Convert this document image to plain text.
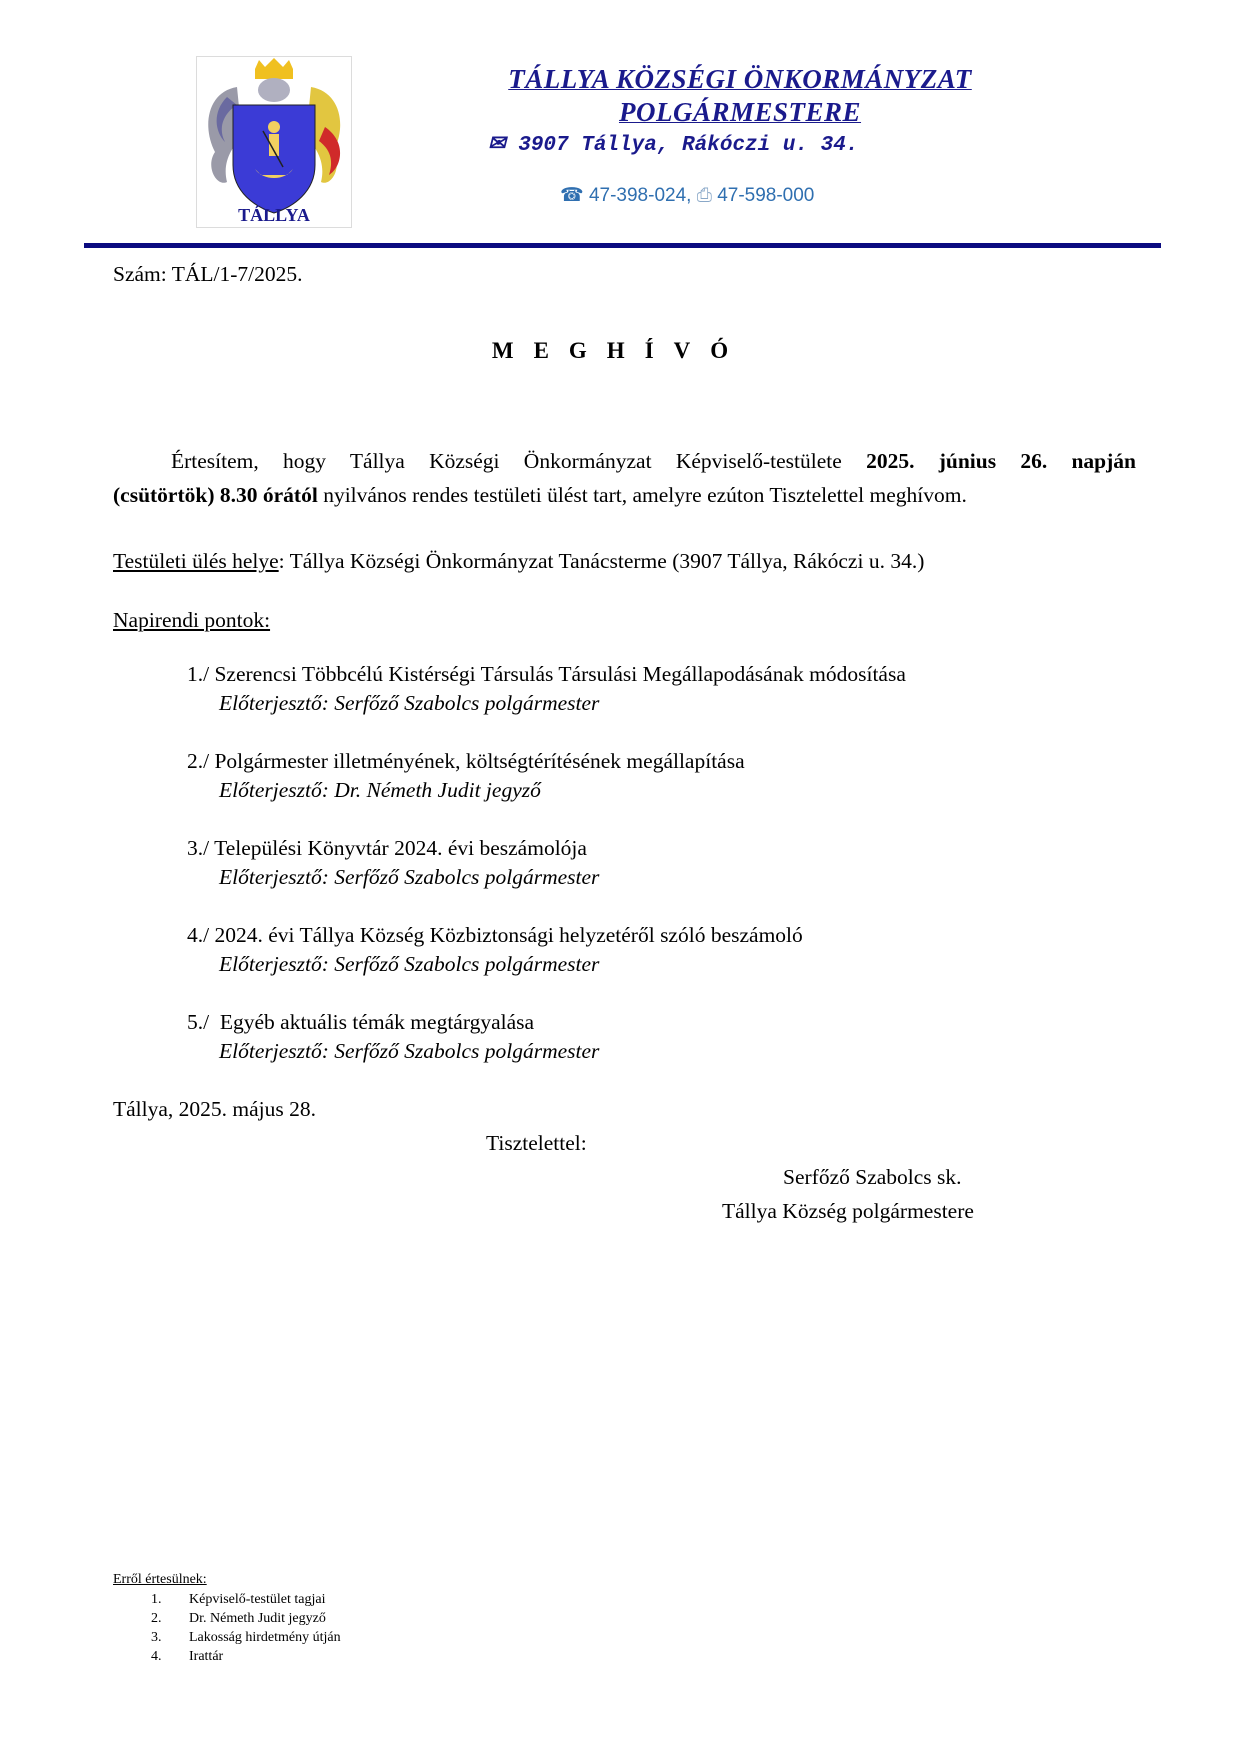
TÁLLYA
TÁLLYA KÖZSÉGI ÖNKORMÁNYZAT
POLGÁRMESTERE
✉ 3907 Tállya, Rákóczi u. 34.
☎ 47-398-024, ⎙ 47-598-000
Szám: TÁL/1-7/2025.
MEGHÍVÓ
Értesítem, hogy Tállya Községi Önkormányzat Képviselő-testülete 2025. június 26. napján
(csütörtök) 8.30 órától nyilvános rendes testületi ülést tart, amelyre ezúton Tisztelettel meghívom.
Testületi ülés helye: Tállya Községi Önkormányzat Tanácsterme (3907 Tállya, Rákóczi u. 34.)
Napirendi pontok:
1./ Szerencsi Többcélú Kistérségi Társulás Társulási Megállapodásának módosítása
Előterjesztő: Serfőző Szabolcs polgármester
2./ Polgármester illetményének, költségtérítésének megállapítása
Előterjesztő: Dr. Németh Judit jegyző
3./ Települési Könyvtár 2024. évi beszámolója
Előterjesztő: Serfőző Szabolcs polgármester
4./ 2024. évi Tállya Község Közbiztonsági helyzetéről szóló beszámoló
Előterjesztő: Serfőző Szabolcs polgármester
5./  Egyéb aktuális témák megtárgyalása
Előterjesztő: Serfőző Szabolcs polgármester
Tállya, 2025. május 28.
Tisztelettel:
Serfőző Szabolcs sk.
Tállya Község polgármestere
Erről értesülnek:
1. Képviselő-testület tagjai
2. Dr. Németh Judit jegyző
3. Lakosság hirdetmény útján
4. Irattár
